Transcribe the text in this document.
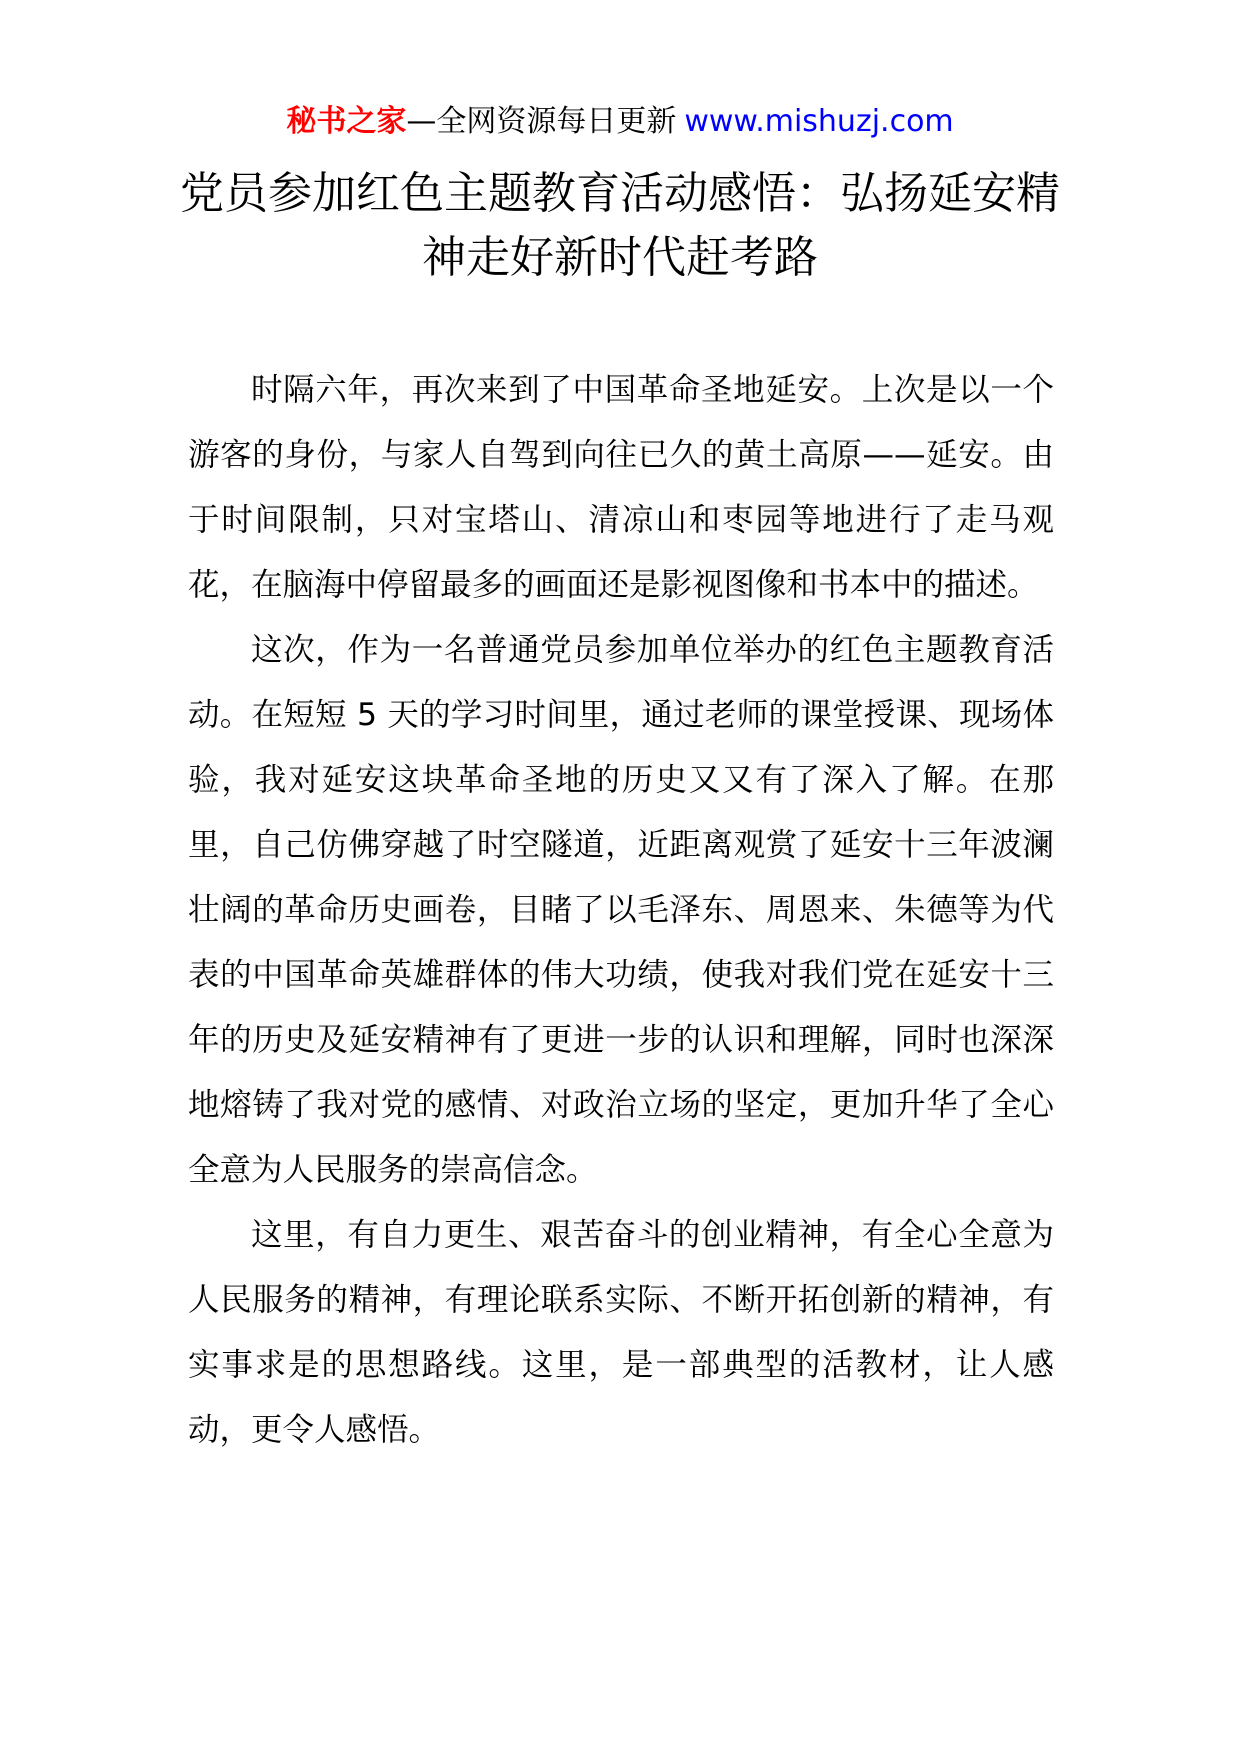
秘书之家—全网资源每日更新 www.mishuzj.com
党员参加红色主题教育活动感悟：弘扬延安精神走好新时代赶考路

时隔六年，再次来到了中国革命圣地延安。上次是以一个游客的身份，与家人自驾到向往已久的黄土高原——延安。由于时间限制，只对宝塔山、清凉山和枣园等地进行了走马观花，在脑海中停留最多的画面还是影视图像和书本中的描述。

这次，作为一名普通党员参加单位举办的红色主题教育活动。在短短 5 天的学习时间里，通过老师的课堂授课、现场体验，我对延安这块革命圣地的历史又又有了深入了解。在那里，自己仿佛穿越了时空隧道，近距离观赏了延安十三年波澜壮阔的革命历史画卷，目睹了以毛泽东、周恩来、朱德等为代表的中国革命英雄群体的伟大功绩，使我对我们党在延安十三年的历史及延安精神有了更进一步的认识和理解，同时也深深地熔铸了我对党的感情、对政治立场的坚定，更加升华了全心全意为人民服务的崇高信念。

这里，有自力更生、艰苦奋斗的创业精神，有全心全意为人民服务的精神，有理论联系实际、不断开拓创新的精神，有实事求是的思想路线。这里，是一部典型的活教材，让人感动，更令人感悟。
